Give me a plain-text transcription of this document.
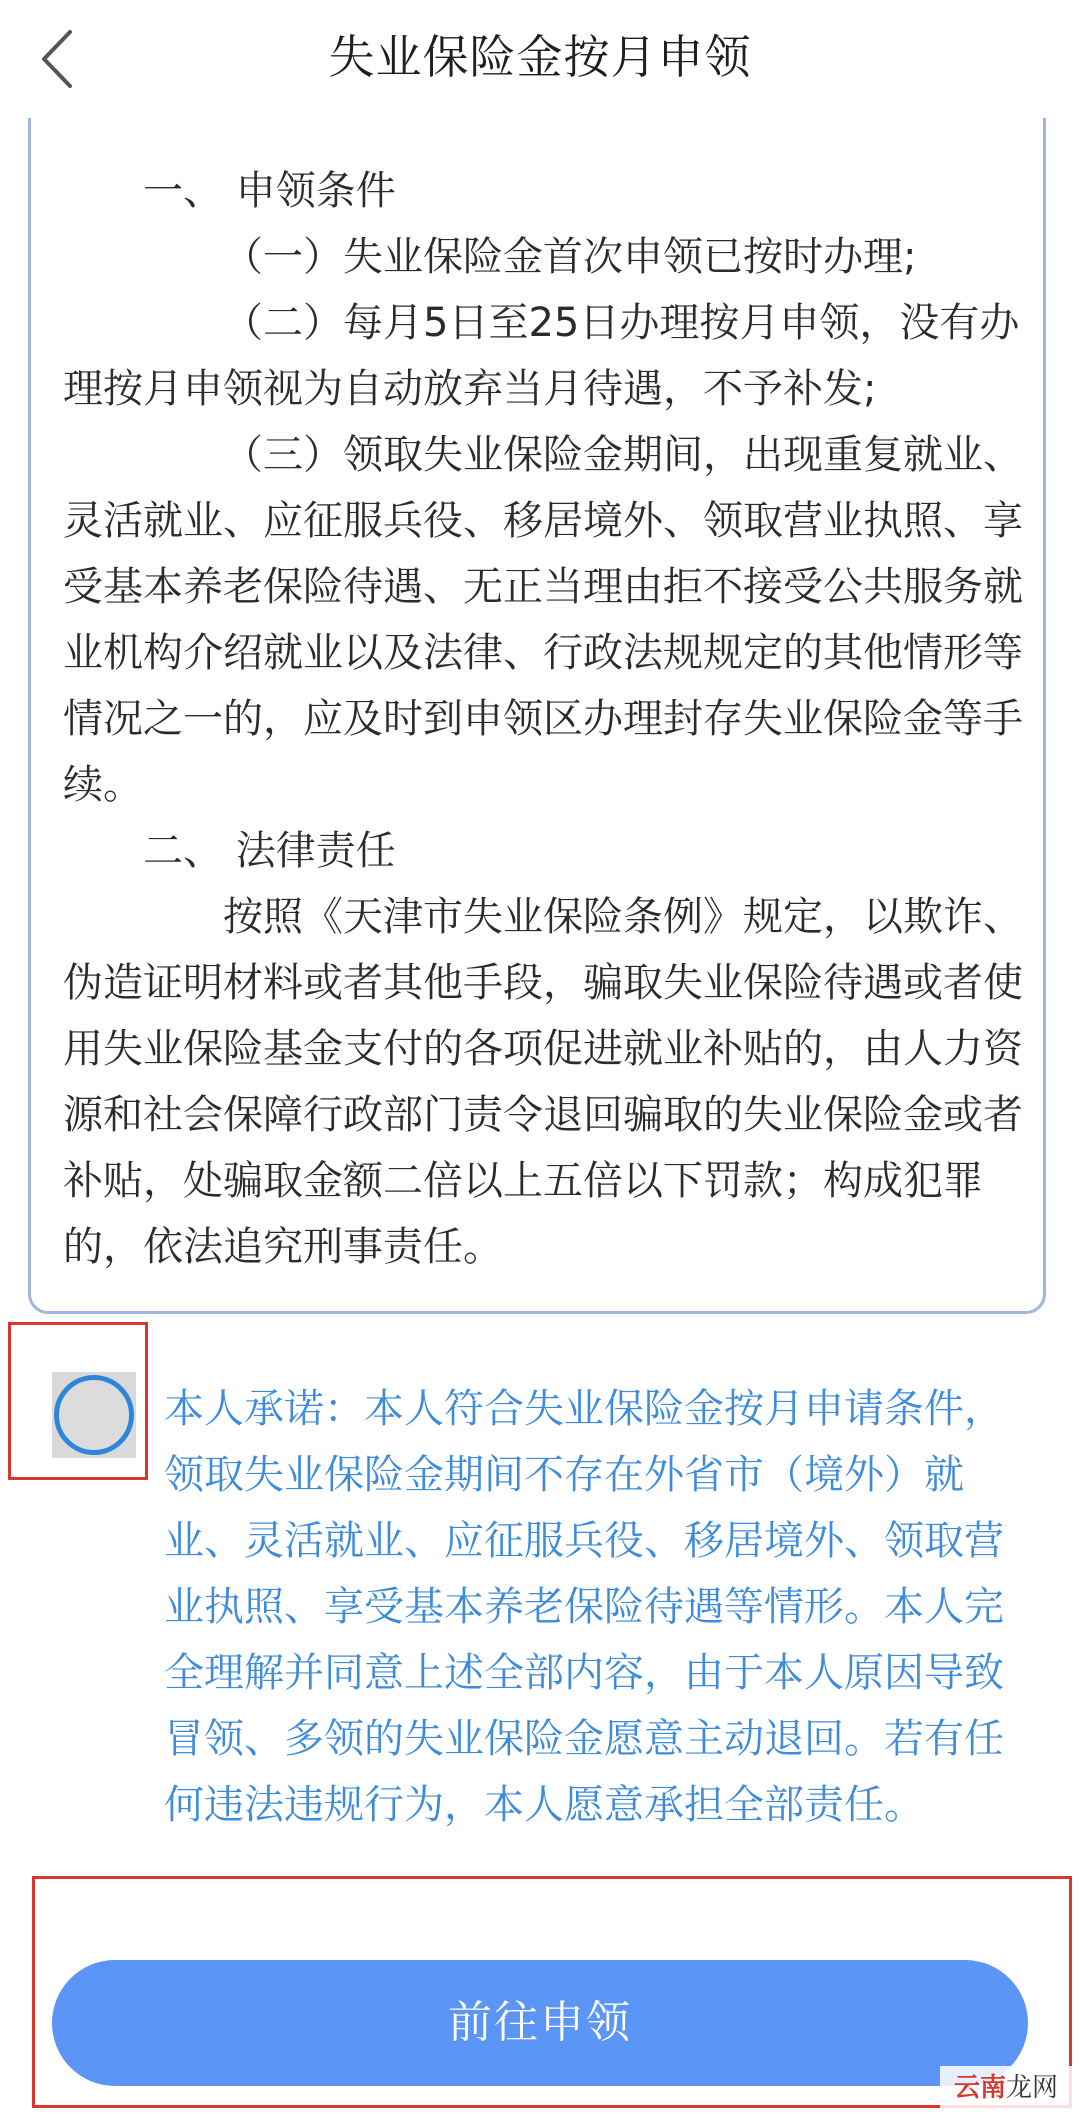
失业保险金按月申领

一、 申领条件

（一）失业保险金首次申领已按时办理;

（二）每月5日至25日办理按月申领，没有办理按月申领视为自动放弃当月待遇，不予补发;

（三）领取失业保险金期间，出现重复就业、灵活就业、应征服兵役、移居境外、领取营业执照、享受基本养老保险待遇、无正当理由拒不接受公共服务就业机构介绍就业以及法律、行政法规规定的其他情形等情况之一的，应及时到申领区办理封存失业保险金等手续。

二、 法律责任

按照《天津市失业保险条例》规定，以欺诈、伪造证明材料或者其他手段，骗取失业保险待遇或者使用失业保险基金支付的各项促进就业补贴的，由人力资源和社会保障行政部门责令退回骗取的失业保险金或者补贴，处骗取金额二倍以上五倍以下罚款；构成犯罪的，依法追究刑事责任。

本人承诺：本人符合失业保险金按月申请条件，领取失业保险金期间不存在外省市（境外）就业、灵活就业、应征服兵役、移居境外、领取营业执照、享受基本养老保险待遇等情形。本人完全理解并同意上述全部内容，由于本人原因导致冒领、多领的失业保险金愿意主动退回。若有任何违法违规行为，本人愿意承担全部责任。
前往申领
云南龙网
